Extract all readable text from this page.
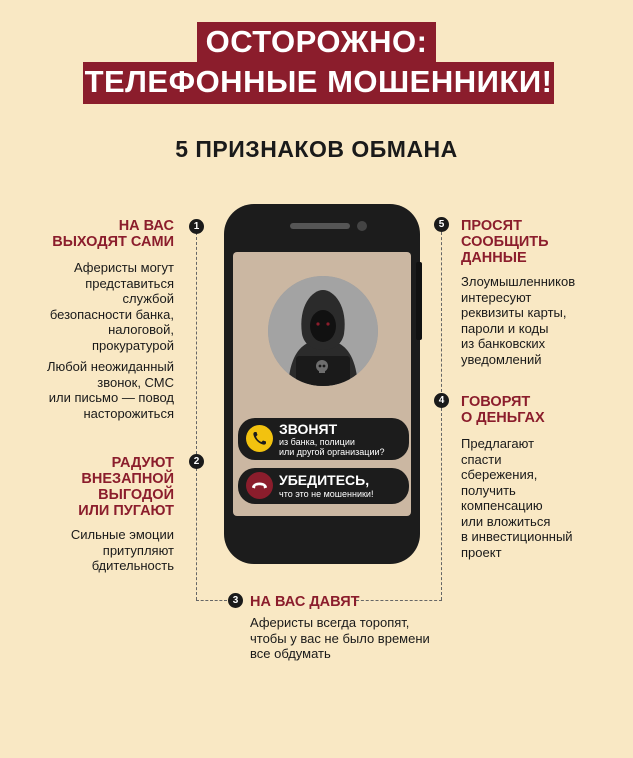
ОСТОРОЖНО:
ТЕЛЕФОННЫЕ МОШЕННИКИ!
5 ПРИЗНАКОВ ОБМАНА
1
2
3
4
5
НА ВАС
ВЫХОДЯТ САМИ
Аферисты могут
представиться
службой
безопасности банка,
налоговой,
прокуратурой
Любой неожиданный
звонок, СМС
или письмо — повод
насторожиться
РАДУЮТ
ВНЕЗАПНОЙ
ВЫГОДОЙ
ИЛИ ПУГАЮТ
Сильные эмоции
притупляют
бдительность
НА ВАС ДАВЯТ
Аферисты всегда торопят,
чтобы у вас не было времени
все обдумать
ПРОСЯТ
СООБЩИТЬ
ДАННЫЕ
Злоумышленников
интересуют
реквизиты карты,
пароли и коды
из банковских
уведомлений
ГОВОРЯТ
О ДЕНЬГАХ
Предлагают
спасти
сбережения,
получить
компенсацию
или вложиться
в инвестиционный
проект
ЗВОНЯТ
из банка, полиции
или другой организации?
УБЕДИТЕСЬ,
что это не мошенники!
